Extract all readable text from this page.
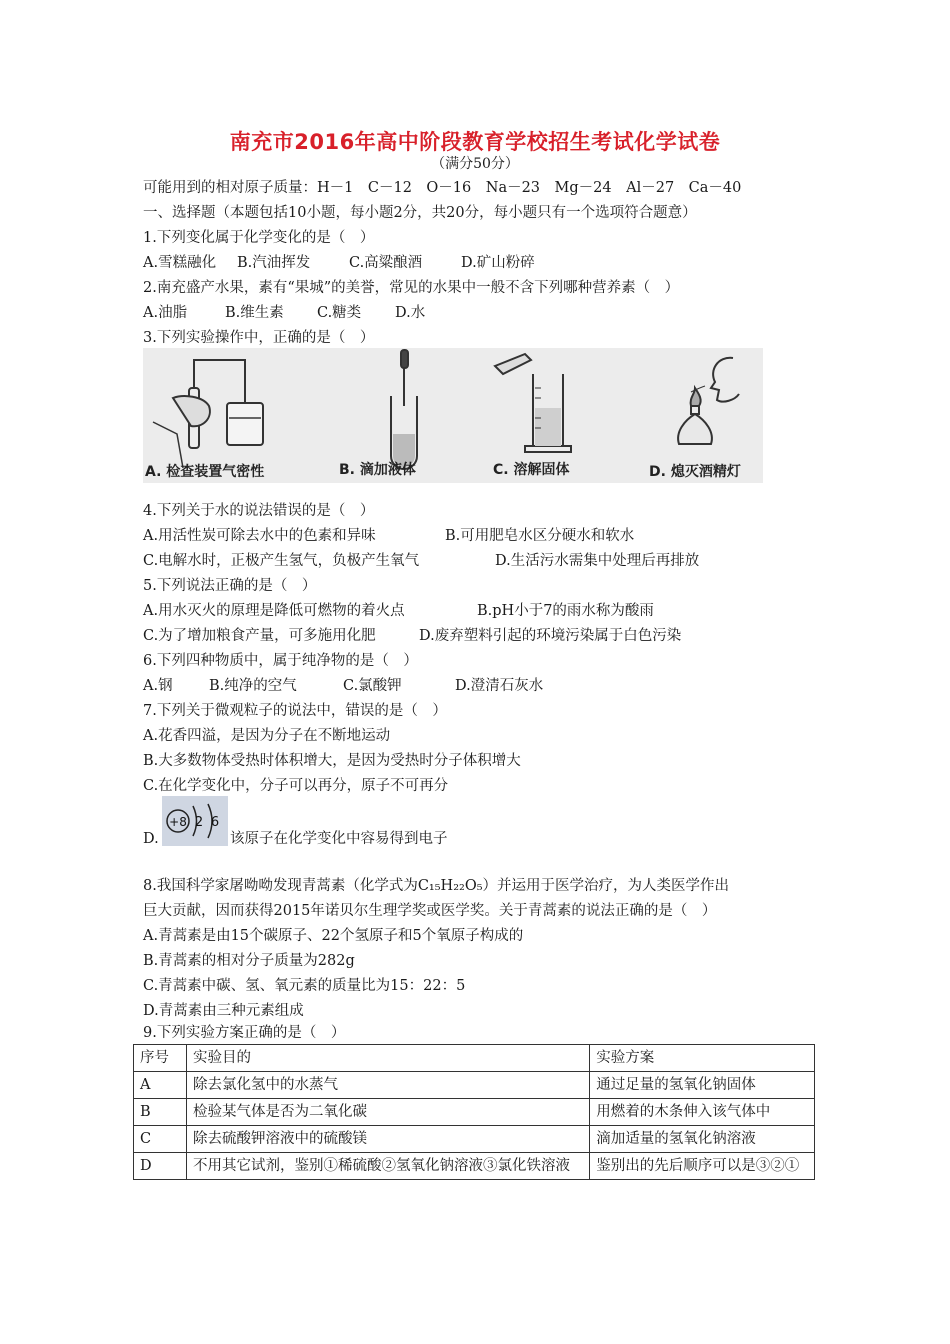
南充市2016年高中阶段教育学校招生考试化学试卷
（满分50分）
可能用到的相对原子质量：H－1　C－12　O－16　Na－23　Mg－24　Al－27　Ca－40
一、选择题（本题包括10小题，每小题2分，共20分，每小题只有一个选项符合题意）
1.下列变化属于化学变化的是（　）
A.雪糕融化 B.汽油挥发	C.高粱酿酒	D.矿山粉碎
2.南充盛产水果，素有“果城”的美誉，常见的水果中一般不含下列哪种营养素（　）
A.油脂	B.维生素 C.糖类 D.水
3.下列实验操作中，正确的是（　）
A. 检查装置气密性	B. 滴加液体	C. 溶解固体	D. 熄灭酒精灯
4.下列关于水的说法错误的是（　）
A.用活性炭可除去水中的色素和异味	B.可用肥皂水区分硬水和软水
C.电解水时，正极产生氢气，负极产生氧气	D.生活污水需集中处理后再排放
5.下列说法正确的是（　）
A.用水灭火的原理是降低可燃物的着火点	B.pH小于7的雨水称为酸雨
C.为了增加粮食产量，可多施用化肥	D.废弃塑料引起的环境污染属于白色污染
6.下列四种物质中，属于纯净物的是（　）
A.钢	B.纯净的空气	C.氯酸钾	D.澄清石灰水
7.下列关于微观粒子的说法中，错误的是（　）
A.花香四溢，是因为分子在不断地运动
B.大多数物体受热时体积增大，是因为受热时分子体积增大
C.在化学变化中，分子可以再分，原子不可再分
+8 2 6
D.	该原子在化学变化中容易得到电子
8.我国科学家屠呦呦发现青蒿素（化学式为C₁₅H₂₂O₅）并运用于医学治疗，为人类医学作出
巨大贡献，因而获得2015年诺贝尔生理学奖或医学奖。关于青蒿素的说法正确的是（　）
A.青蒿素是由15个碳原子、22个氢原子和5个氧原子构成的
B.青蒿素的相对分子质量为282g
C.青蒿素中碳、氢、氧元素的质量比为15：22：5
D.青蒿素由三种元素组成
9.下列实验方案正确的是（　）
序号	实验目的	实验方案
A	除去氯化氢中的水蒸气	通过足量的氢氧化钠固体
B	检验某气体是否为二氧化碳	用燃着的木条伸入该气体中
C	除去硫酸钾溶液中的硫酸镁	滴加适量的氢氧化钠溶液
D	不用其它试剂，鉴别①稀硫酸②氢氧化钠溶液③氯化铁溶液	鉴别出的先后顺序可以是③②①
